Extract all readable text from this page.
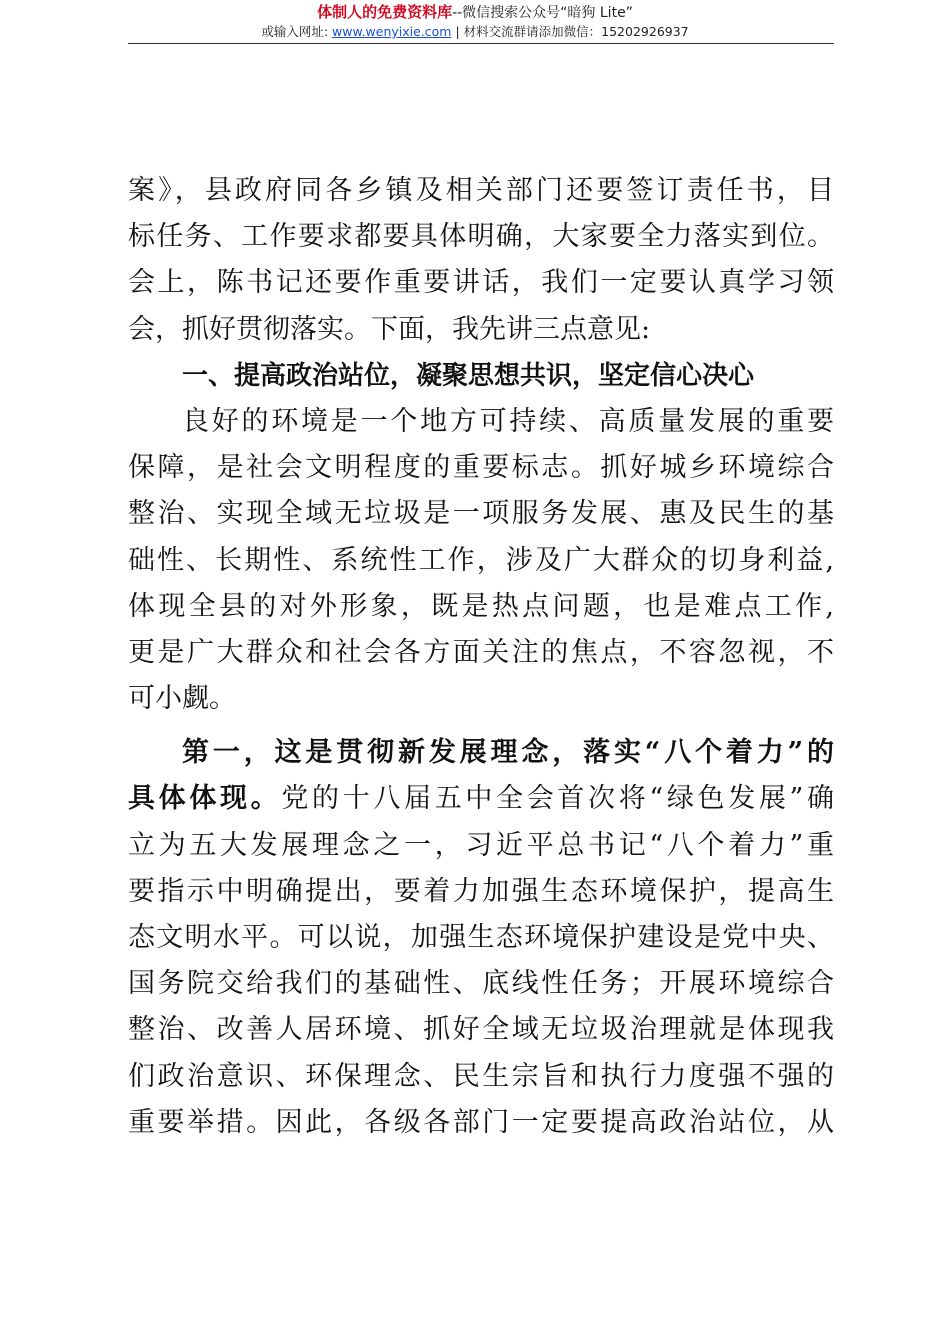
体制人的免费资料库--微信搜索公众号“暗狗 Lite”
或输入网址: www.wenyixie.com | 材料交流群请添加微信：15202926937
案》，县政府同各乡镇及相关部门还要签订责任书，目
标任务、工作要求都要具体明确，大家要全力落实到位。
会上，陈书记还要作重要讲话，我们一定要认真学习领
会，抓好贯彻落实。下面，我先讲三点意见:
一、提高政治站位，凝聚思想共识，坚定信心决心
良好的环境是一个地方可持续、高质量发展的重要
保障，是社会文明程度的重要标志。抓好城乡环境综合
整治、实现全域无垃圾是一项服务发展、惠及民生的基
础性、长期性、系统性工作，涉及广大群众的切身利益,
体现全县的对外形象，既是热点问题，也是难点工作,
更是广大群众和社会各方面关注的焦点，不容忽视，不
可小觑。
第一，这是贯彻新发展理念，落实“八个着力”的
具体体现。党的十八届五中全会首次将“绿色发展”确
立为五大发展理念之一，习近平总书记“八个着力”重
要指示中明确提出，要着力加强生态环境保护，提高生
态文明水平。可以说，加强生态环境保护建设是党中央、
国务院交给我们的基础性、底线性任务；开展环境综合
整治、改善人居环境、抓好全域无垃圾治理就是体现我
们政治意识、环保理念、民生宗旨和执行力度强不强的
重要举措。因此，各级各部门一定要提高政治站位，从
